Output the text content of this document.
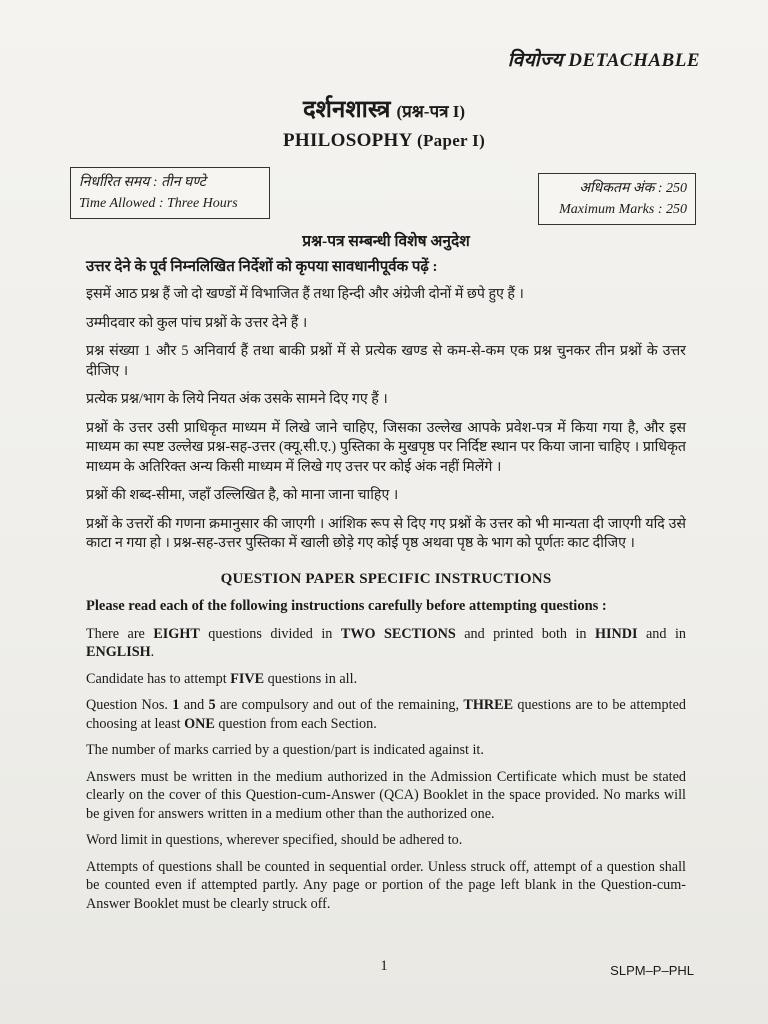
वियोज्य DETACHABLE
दर्शनशास्त्र (प्रश्न-पत्र I)
PHILOSOPHY (Paper I)
निर्धारित समय : तीन घण्टे
Time Allowed : Three Hours
अधिकतम अंक : 250
Maximum Marks : 250
प्रश्न-पत्र सम्बन्धी विशेष अनुदेश
उत्तर देने के पूर्व निम्नलिखित निर्देशों को कृपया सावधानीपूर्वक पढ़ें :

इसमें आठ प्रश्न हैं जो दो खण्डों में विभाजित हैं तथा हिन्दी और अंग्रेजी दोनों में छपे हुए हैं ।

उम्मीदवार को कुल पांच प्रश्नों के उत्तर देने हैं ।

प्रश्न संख्या 1 और 5 अनिवार्य हैं तथा बाकी प्रश्नों में से प्रत्येक खण्ड से कम-से-कम एक प्रश्न चुनकर तीन प्रश्नों के उत्तर दीजिए ।

प्रत्येक प्रश्न/भाग के लिये नियत अंक उसके सामने दिए गए हैं ।

प्रश्नों के उत्तर उसी प्राधिकृत माध्यम में लिखे जाने चाहिए, जिसका उल्लेख आपके प्रवेश-पत्र में किया गया है, और इस माध्यम का स्पष्ट उल्लेख प्रश्न-सह-उत्तर (क्यू.सी.ए.) पुस्तिका के मुखपृष्ठ पर निर्दिष्ट स्थान पर किया जाना चाहिए । प्राधिकृत माध्यम के अतिरिक्त अन्य किसी माध्यम में लिखे गए उत्तर पर कोई अंक नहीं मिलेंगे ।

प्रश्नों की शब्द-सीमा, जहाँ उल्लिखित है, को माना जाना चाहिए ।

प्रश्नों के उत्तरों की गणना क्रमानुसार की जाएगी । आंशिक रूप से दिए गए प्रश्नों के उत्तर को भी मान्यता दी जाएगी यदि उसे काटा न गया हो । प्रश्न-सह-उत्तर पुस्तिका में खाली छोड़े गए कोई पृष्ठ अथवा पृष्ठ के भाग को पूर्णतः काट दीजिए ।

QUESTION PAPER SPECIFIC INSTRUCTIONS
Please read each of the following instructions carefully before attempting questions :

There are EIGHT questions divided in TWO SECTIONS and printed both in HINDI and in ENGLISH.

Candidate has to attempt FIVE questions in all.

Question Nos. 1 and 5 are compulsory and out of the remaining, THREE questions are to be attempted choosing at least ONE question from each Section.

The number of marks carried by a question/part is indicated against it.

Answers must be written in the medium authorized in the Admission Certificate which must be stated clearly on the cover of this Question-cum-Answer (QCA) Booklet in the space provided. No marks will be given for answers written in a medium other than the authorized one.

Word limit in questions, wherever specified, should be adhered to.

Attempts of questions shall be counted in sequential order. Unless struck off, attempt of a question shall be counted even if attempted partly. Any page or portion of the page left blank in the Question-cum-Answer Booklet must be clearly struck off.

1	SLPM–P–PHL
